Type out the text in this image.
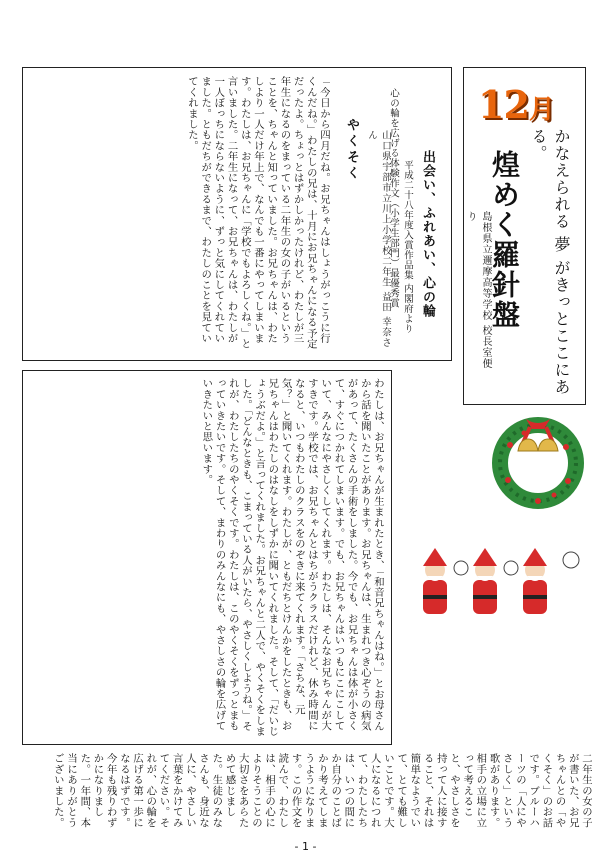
12月
かなえられる 夢 がきっとここにある。
煌めく羅針盤
島根県立邇摩高等学校 校長室便り
出会い、ふれあい、心の輪
平成二十八年度入賞作品集 内閣府より
心の輪を広げる体験作文（小学生部門）最優秀賞
山口県宇部市立川上小学校二年生 益田 幸奈さん
やくそく

「今日から四月だね。お兄ちゃんはしょうがっこうに行くんだね。」わたしの兄は、十月にお兄ちゃんになる予定だったよ。ちょっとはずかしかったけれど、わたしが三年生になるのをまっている二年生の女の子がいるということを、ちゃんと知っていました。お兄ちゃんは、わたしより一人だけ年上で、なんでも一番にやってしまいます。わたしは、お兄ちゃんに「学校でもよろしくね。」と言いました。二年生になって、お兄ちゃんは、わたしが一人ぼっちにならないように、ずっと気にしてくれていました。ともだちができるまで、わたしのことを見ていてくれました。

わたしは、お兄ちゃんが生まれたとき、「和音兄ちゃんはね。」とお母さんから話を聞いたことがあります。お兄ちゃんは、生まれつき心ぞうの病気があって、たくさんの手術をしました。今でも、お兄ちゃんは体が小さくて、すぐにつかれてしまいます。でも、お兄ちゃんはいつもにこにこしていて、みんなにやさしくしてくれます。わたしは、そんなお兄ちゃんが大すきです。学校では、お兄ちゃんとはちがうクラスだけれど、休み時間になると、いつもわたしのクラスをのぞきに来てくれます。「さちな、元気？」と聞いてくれます。わたしが、ともだちとけんかをしたときも、お兄ちゃんはわたしのはなしをしずかに聞いてくれました。そして、「だいじょうぶだよ。」と言ってくれました。お兄ちゃんと二人で、やくそくをしました。「どんなときも、こまっている人がいたら、やさしくしようね。」それが、わたしたちのやくそくです。わたしは、このやくそくをずっとまもっていきたいです。そして、まわりのみんなにも、やさしさの輪を広げていきたいと思います。

二年生の女の子が書いた、お兄ちゃんとの「やくそく」のお話です。ブルーハーツの「人にやさしく」という歌があります。相手の立場に立って考えること、やさしさを持って人に接すること、それは簡単なようでいて、とても難しいことです。大人になるにつれて、わたしたちは、いつの間にか自分のことばかり考えてしまうようになります。この作文を読んで、わたしは、相手の心によりそうことの大切さをあらためて感じました。生徒のみなさんも、身近な人に、やさしい言葉をかけてみてください。それが、心の輪を広げる第一歩になるはずです。今年も残りわずかになりました。一年間、本当にありがとうございました。

- 1 -
